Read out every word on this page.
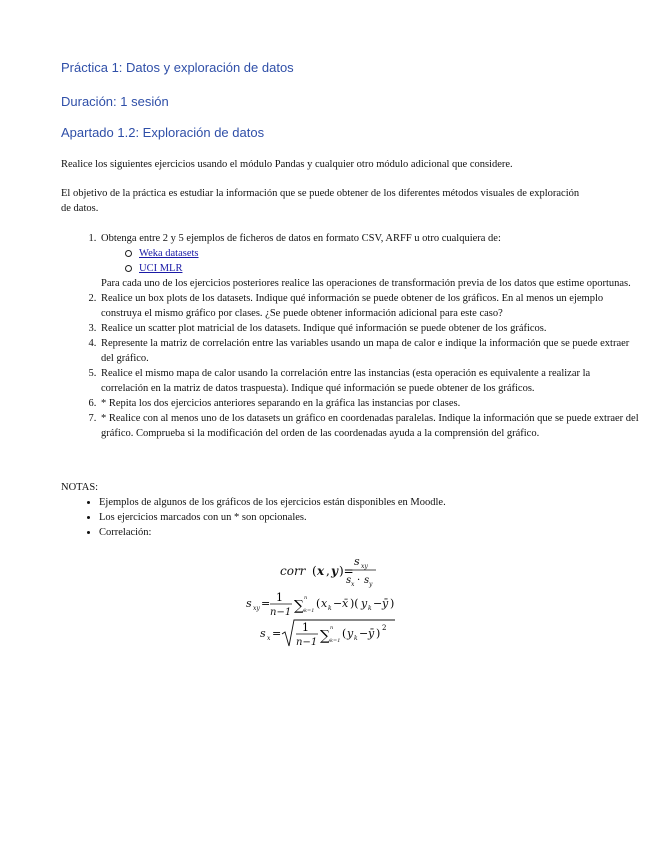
Práctica 1: Datos y exploración de datos
Duración: 1 sesión
Apartado 1.2: Exploración de datos

Realice los siguientes ejercicios usando el módulo Pandas y cualquier otro módulo adicional que considere.

El objetivo de la práctica es estudiar la información que se puede obtener de los diferentes métodos visuales de exploración de datos.

1. Obtenga entre 2 y 5 ejemplos de ficheros de datos en formato CSV, ARFF u otro cualquiera de:
Weka datasets
UCI MLR
Para cada uno de los ejercicios posteriores realice las operaciones de transformación previa de los datos que estime oportunas.
2. Realice un box plots de los datasets. Indique qué información se puede obtener de los gráficos. En al menos un ejemplo construya el mismo gráfico por clases. ¿Se puede obtener información adicional para este caso?
3. Realice un scatter plot matricial de los datasets. Indique qué información se puede obtener de los gráficos.
4. Represente la matriz de correlación entre las variables usando un mapa de calor e indique la información que se puede extraer del gráfico.
5. Realice el mismo mapa de calor usando la correlación entre las instancias (esta operación es equivalente a realizar la correlación en la matriz de datos traspuesta). Indique qué información se puede obtener de los gráficos.
6. * Repita los dos ejercicios anteriores separando en la gráfica las instancias por clases.
7. * Realice con al menos uno de los datasets un gráfico en coordenadas paralelas. Indique la información que se puede extraer del gráfico. Comprueba si la modificación del orden de las coordenadas ayuda a la comprensión del gráfico.

NOTAS:

• Ejemplos de algunos de los gráficos de los ejercicios están disponibles en Moodle.
• Los ejercicios marcados con un * son opcionales.
• Correlación:
corr ( x , y )=
s xy
s x · s y
s xy = 1
n−1 ∑ n
k=1
( x k − x̄ )( y k − ȳ )
s x = 1
n−1 ∑ n
k=1
( y k − ȳ ) 2
